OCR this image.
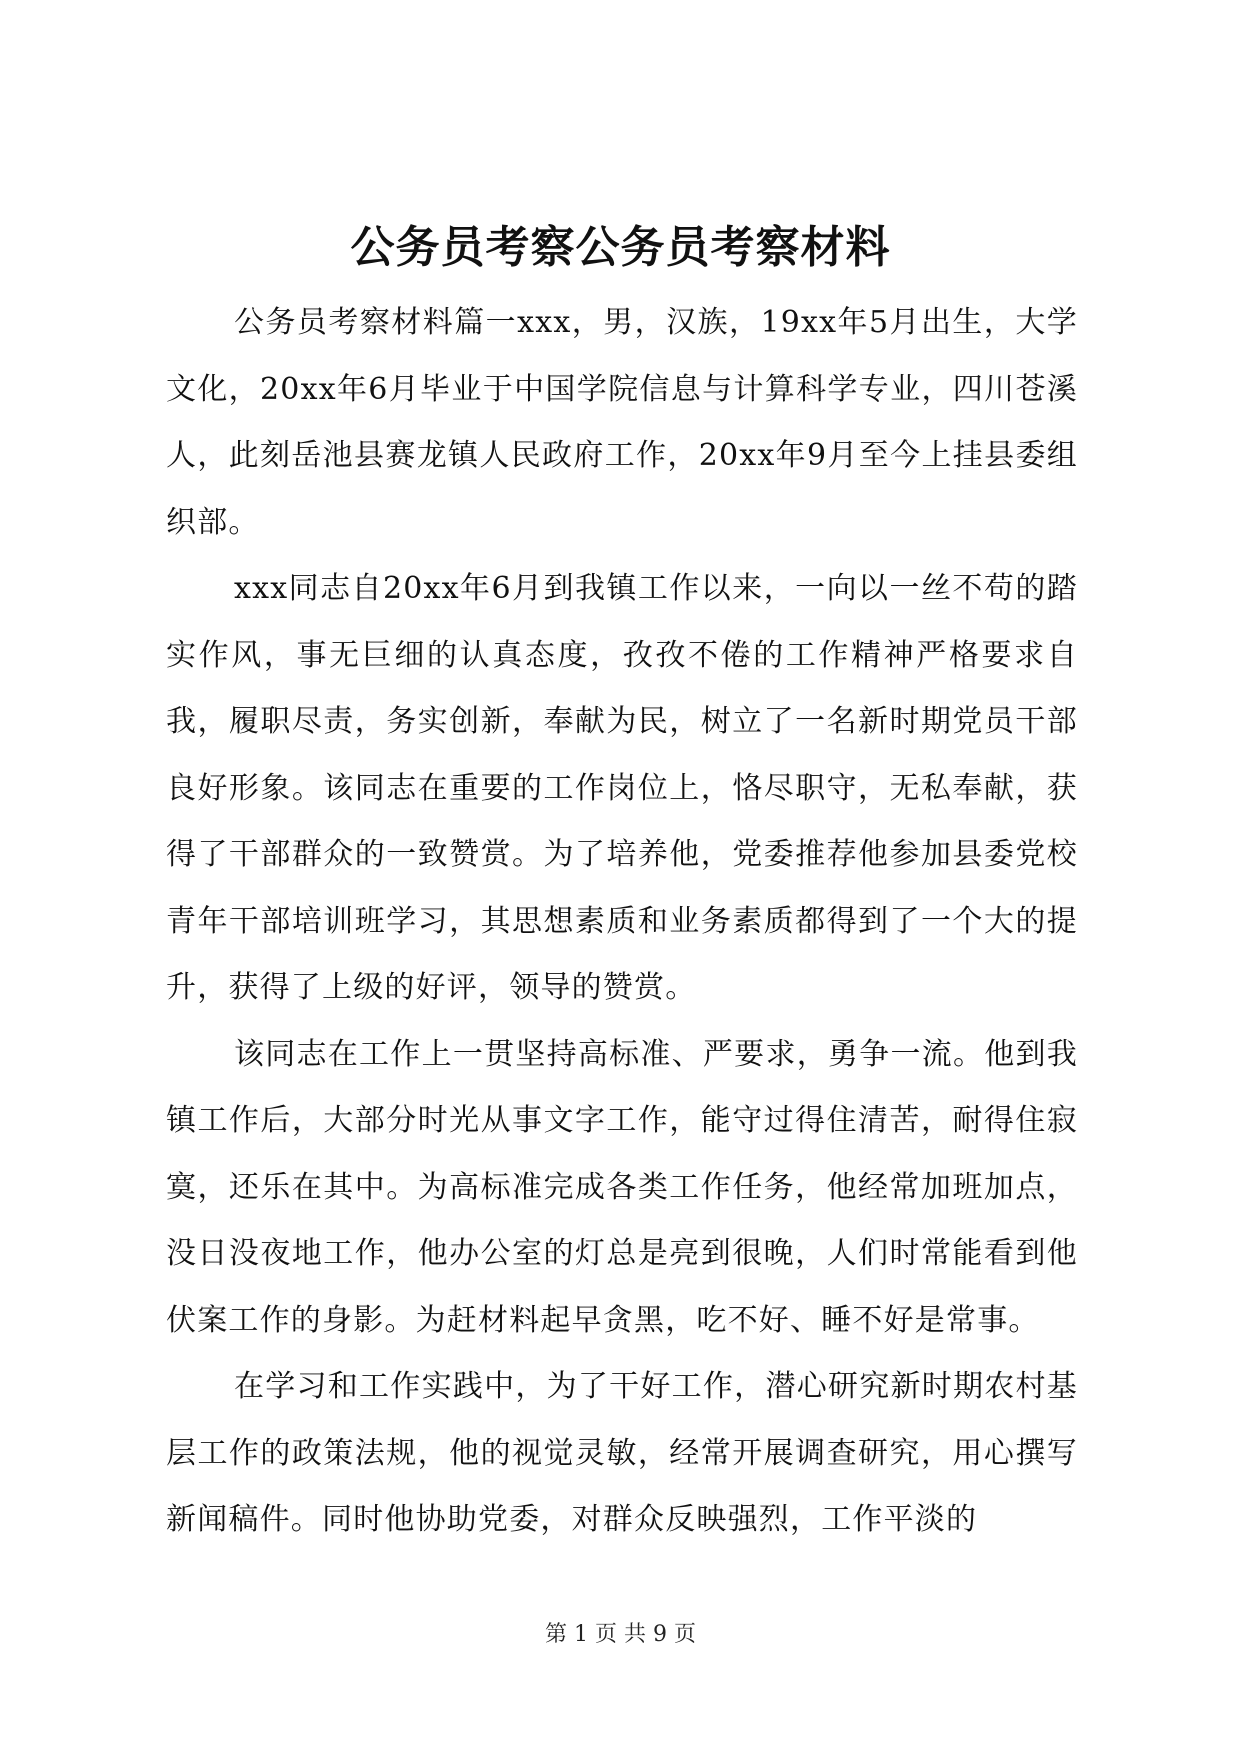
公务员考察公务员考察材料

公务员考察材料篇一xxx，男，汉族，19xx年5月出生，大学文化，20xx年6月毕业于中国学院信息与计算科学专业，四川苍溪人，此刻岳池县赛龙镇人民政府工作，20xx年9月至今上挂县委组织部。

xxx同志自20xx年6月到我镇工作以来，一向以一丝不苟的踏实作风，事无巨细的认真态度，孜孜不倦的工作精神严格要求自我，履职尽责，务实创新，奉献为民，树立了一名新时期党员干部良好形象。该同志在重要的工作岗位上，恪尽职守，无私奉献，获得了干部群众的一致赞赏。为了培养他，党委推荐他参加县委党校青年干部培训班学习，其思想素质和业务素质都得到了一个大的提升，获得了上级的好评，领导的赞赏。

该同志在工作上一贯坚持高标准、严要求，勇争一流。他到我镇工作后，大部分时光从事文字工作，能守过得住清苦，耐得住寂寞，还乐在其中。为高标准完成各类工作任务，他经常加班加点，没日没夜地工作，他办公室的灯总是亮到很晚，人们时常能看到他伏案工作的身影。为赶材料起早贪黑，吃不好、睡不好是常事。

在学习和工作实践中，为了干好工作，潜心研究新时期农村基层工作的政策法规，他的视觉灵敏，经常开展调查研究，用心撰写新闻稿件。同时他协助党委，对群众反映强烈，工作平淡的

第 1 页 共 9 页
